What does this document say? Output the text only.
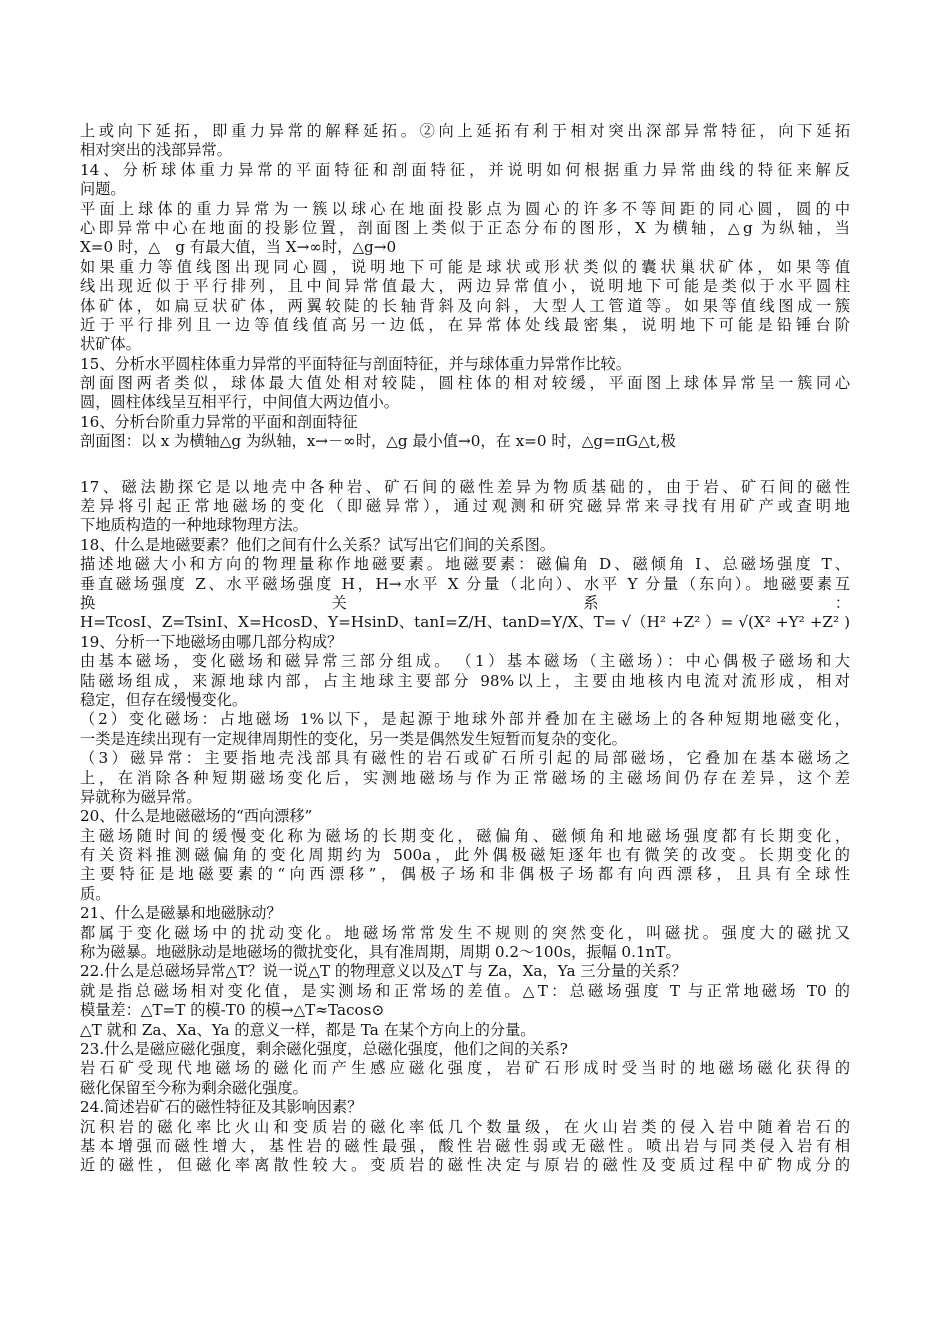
上或向下延拓，即重力异常的解释延拓。②向上延拓有利于相对突出深部异常特征，向下延拓
相对突出的浅部异常。
14、分析球体重力异常的平面特征和剖面特征，并说明如何根据重力异常曲线的特征来解反
问题。
平面上球体的重力异常为一簇以球心在地面投影点为圆心的许多不等间距的同心圆，圆的中
心即异常中心在地面的投影位置，剖面图上类似于正态分布的图形，X 为横轴，△g 为纵轴，当
X=0 时，△　g 有最大值，当 X→∞时，△g→0
如果重力等值线图出现同心圆，说明地下可能是球状或形状类似的囊状巢状矿体，如果等值
线出现近似于平行排列，且中间异常值最大，两边异常值小，说明地下可能是类似于水平圆柱
体矿体，如扁豆状矿体，两翼较陡的长轴背斜及向斜，大型人工管道等。如果等值线图成一簇
近于平行排列且一边等值线值高另一边低，在异常体处线最密集，说明地下可能是铅锤台阶
状矿体。
15、分析水平圆柱体重力异常的平面特征与剖面特征，并与球体重力异常作比较。
剖面图两者类似，球体最大值处相对较陡，圆柱体的相对较缓，平面图上球体异常呈一簇同心
圆，圆柱体线呈互相平行，中间值大两边值小。
16、分析台阶重力异常的平面和剖面特征
剖面图：以 x 为横轴△g 为纵轴，x→－∞时，△g 最小值→0，在 x=0 时，△g=πG△t,极
17、磁法勘探它是以地壳中各种岩、矿石间的磁性差异为物质基础的，由于岩、矿石间的磁性
差异将引起正常地磁场的变化（即磁异常），通过观测和研究磁异常来寻找有用矿产或查明地
下地质构造的一种地球物理方法。
18、什么是地磁要素？他们之间有什么关系？试写出它们间的关系图。
描述地磁大小和方向的物理量称作地磁要素。地磁要素：磁偏角 D、磁倾角 I、总磁场强度 T、
垂直磁场强度 Z、水平磁场强度 H，H→水平 X 分量（北向）、水平 Y 分量（东向）。地磁要素互
换　　　　　　　　　　　　关　　　　　　　　　　　　系　　　　　　　　　　　　：
H=TcosI、Z=TsinI、X=HcosD、Y=HsinD、tanI=Z/H、tanD=Y/X、T= √（H² +Z² ）= √(X² +Y² +Z² )
19、分析一下地磁场由哪几部分构成？
由基本磁场，变化磁场和磁异常三部分组成。　（1）基本磁场（主磁场）：中心偶极子磁场和大
陆磁场组成，来源地球内部，占主地球主要部分 98%以上，主要由地核内电流对流形成，相对
稳定，但存在缓慢变化。
（2）变化磁场：占地磁场 1%以下，是起源于地球外部并叠加在主磁场上的各种短期地磁变化，
一类是连续出现有一定规律周期性的变化，另一类是偶然发生短暂而复杂的变化。
（3）磁异常：主要指地壳浅部具有磁性的岩石或矿石所引起的局部磁场，它叠加在基本磁场之
上，在消除各种短期磁场变化后，实测地磁场与作为正常磁场的主磁场间仍存在差异，这个差
异就称为磁异常。
20、什么是地磁磁场的“西向漂移”
主磁场随时间的缓慢变化称为磁场的长期变化，磁偏角、磁倾角和地磁场强度都有长期变化，
有关资料推测磁偏角的变化周期约为 500a，此外偶极磁矩逐年也有微笑的改变。长期变化的
主要特征是地磁要素的“向西漂移”，偶极子场和非偶极子场都有向西漂移，且具有全球性
质。
21、什么是磁暴和地磁脉动？
都属于变化磁场中的扰动变化。地磁场常常发生不规则的突然变化，叫磁扰。强度大的磁扰又
称为磁暴。地磁脉动是地磁场的微扰变化，具有准周期，周期 0.2～100s，振幅 0.1nT。
22.什么是总磁场异常△T？说一说△T 的物理意义以及△T 与 Za，Xa，Ya 三分量的关系？
就是指总磁场相对变化值，是实测场和正常场的差值。△T：总磁场强度 T 与正常地磁场 T0 的
模量差：△T=T 的模-T0 的模→△T≈Tacos⊙
△T 就和 Za、Xa、Ya 的意义一样，都是 Ta 在某个方向上的分量。
23.什么是磁应磁化强度，剩余磁化强度，总磁化强度，他们之间的关系?
岩石矿受现代地磁场的磁化而产生感应磁化强度，岩矿石形成时受当时的地磁场磁化获得的
磁化保留至今称为剩余磁化强度。
24.简述岩矿石的磁性特征及其影响因素？
沉积岩的磁化率比火山和变质岩的磁化率低几个数量级，在火山岩类的侵入岩中随着岩石的
基本增强而磁性增大，基性岩的磁性最强，酸性岩磁性弱或无磁性。喷出岩与同类侵入岩有相
近的磁性，但磁化率离散性较大。变质岩的磁性决定与原岩的磁性及变质过程中矿物成分的
